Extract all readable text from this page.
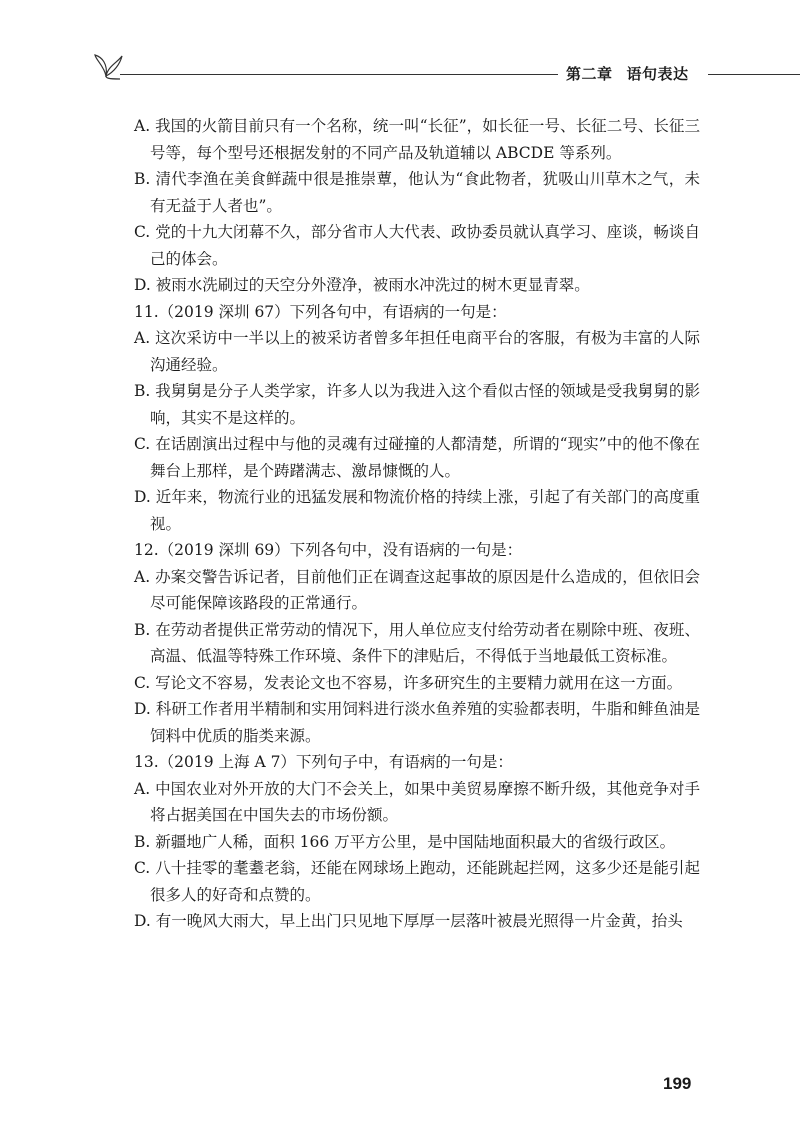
第二章 语句表达
A. 我国的火箭目前只有一个名称，统一叫“长征”，如长征一号、长征二号、长征三号等，每个型号还根据发射的不同产品及轨道辅以 ABCDE 等系列。
B. 清代李渔在美食鲜蔬中很是推崇蕈，他认为“食此物者，犹吸山川草木之气，未有无益于人者也”。
C. 党的十九大闭幕不久，部分省市人大代表、政协委员就认真学习、座谈，畅谈自己的体会。
D. 被雨水洗刷过的天空分外澄净，被雨水冲洗过的树木更显青翠。
11.（2019 深圳 67）下列各句中，有语病的一句是：
A. 这次采访中一半以上的被采访者曾多年担任电商平台的客服，有极为丰富的人际沟通经验。
B. 我舅舅是分子人类学家，许多人以为我进入这个看似古怪的领域是受我舅舅的影响，其实不是这样的。
C. 在话剧演出过程中与他的灵魂有过碰撞的人都清楚，所谓的“现实”中的他不像在舞台上那样，是个踌躇满志、激昂慷慨的人。
D. 近年来，物流行业的迅猛发展和物流价格的持续上涨，引起了有关部门的高度重视。
12.（2019 深圳 69）下列各句中，没有语病的一句是：
A. 办案交警告诉记者，目前他们正在调查这起事故的原因是什么造成的，但依旧会尽可能保障该路段的正常通行。
B. 在劳动者提供正常劳动的情况下，用人单位应支付给劳动者在剔除中班、夜班、高温、低温等特殊工作环境、条件下的津贴后，不得低于当地最低工资标准。
C. 写论文不容易，发表论文也不容易，许多研究生的主要精力就用在这一方面。
D. 科研工作者用半精制和实用饲料进行淡水鱼养殖的实验都表明，牛脂和鲱鱼油是饲料中优质的脂类来源。
13.（2019 上海 A 7）下列句子中，有语病的一句是：
A. 中国农业对外开放的大门不会关上，如果中美贸易摩擦不断升级，其他竞争对手将占据美国在中国失去的市场份额。
B. 新疆地广人稀，面积 166 万平方公里，是中国陆地面积最大的省级行政区。
C. 八十挂零的耄耋老翁，还能在网球场上跑动，还能跳起拦网，这多少还是能引起很多人的好奇和点赞的。
D. 有一晚风大雨大，早上出门只见地下厚厚一层落叶被晨光照得一片金黄，抬头
199
